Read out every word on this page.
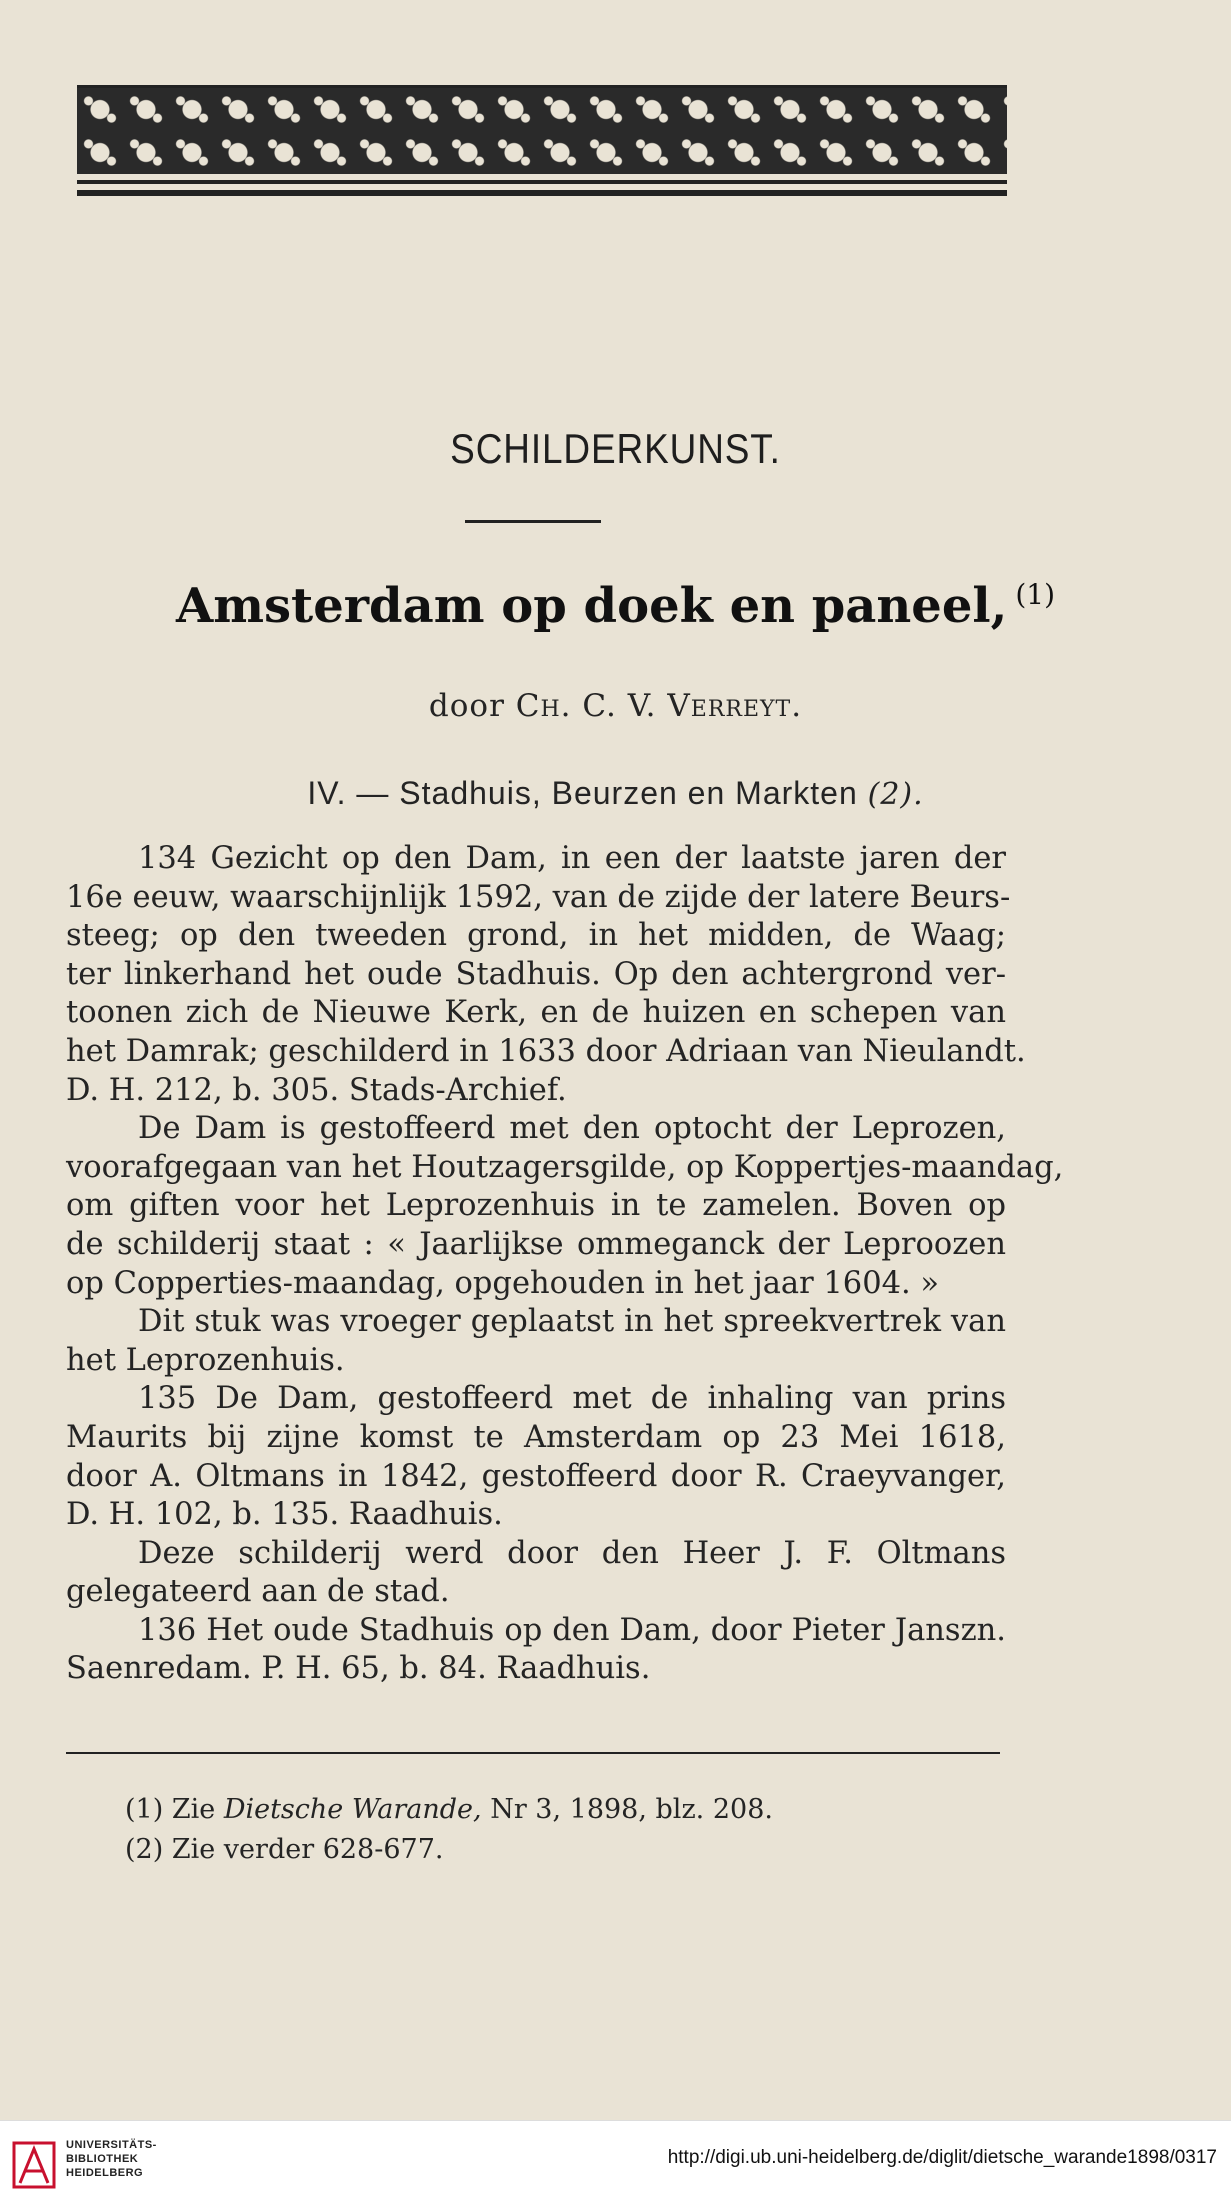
SCHILDERKUNST.
Amsterdam op doek en paneel, $^{(1)}$
door Ch. C. V. Verreyt.
IV. — Stadhuis, Beurzen en Markten (2).
134 Gezicht op den Dam, in een der laatste jaren der
16e eeuw, waarschijnlijk 1592, van de zijde der latere Beurs-
steeg; op den tweeden grond, in het midden, de Waag;
ter linkerhand het oude Stadhuis. Op den achtergrond ver-
toonen zich de Nieuwe Kerk, en de huizen en schepen van
het Damrak; geschilderd in 1633 door Adriaan van Nieulandt.
D. H. 212, b. 305. Stads-Archief.
De Dam is gestoffeerd met den optocht der Leprozen,
voorafgegaan van het Houtzagersgilde, op Koppertjes-maandag,
om giften voor het Leprozenhuis in te zamelen. Boven op
de schilderij staat : « Jaarlijkse ommeganck der Leproozen
op Copperties-maandag, opgehouden in het jaar 1604. »
Dit stuk was vroeger geplaatst in het spreekvertrek van
het Leprozenhuis.
135 De Dam, gestoffeerd met de inhaling van prins
Maurits bij zijne komst te Amsterdam op 23 Mei 1618,
door A. Oltmans in 1842, gestoffeerd door R. Craeyvanger,
D. H. 102, b. 135. Raadhuis.
Deze schilderij werd door den Heer J. F. Oltmans
gelegateerd aan de stad.
136 Het oude Stadhuis op den Dam, door Pieter Janszn.
Saenredam. P. H. 65, b. 84. Raadhuis.
(1) Zie Dietsche Warande, Nr 3, 1898, blz. 208.
(2) Zie verder 628-677.
UNIVERSITÄTS-
BIBLIOTHEK
HEIDELBERG
http://digi.ub.uni-heidelberg.de/diglit/dietsche_warande1898/0317
